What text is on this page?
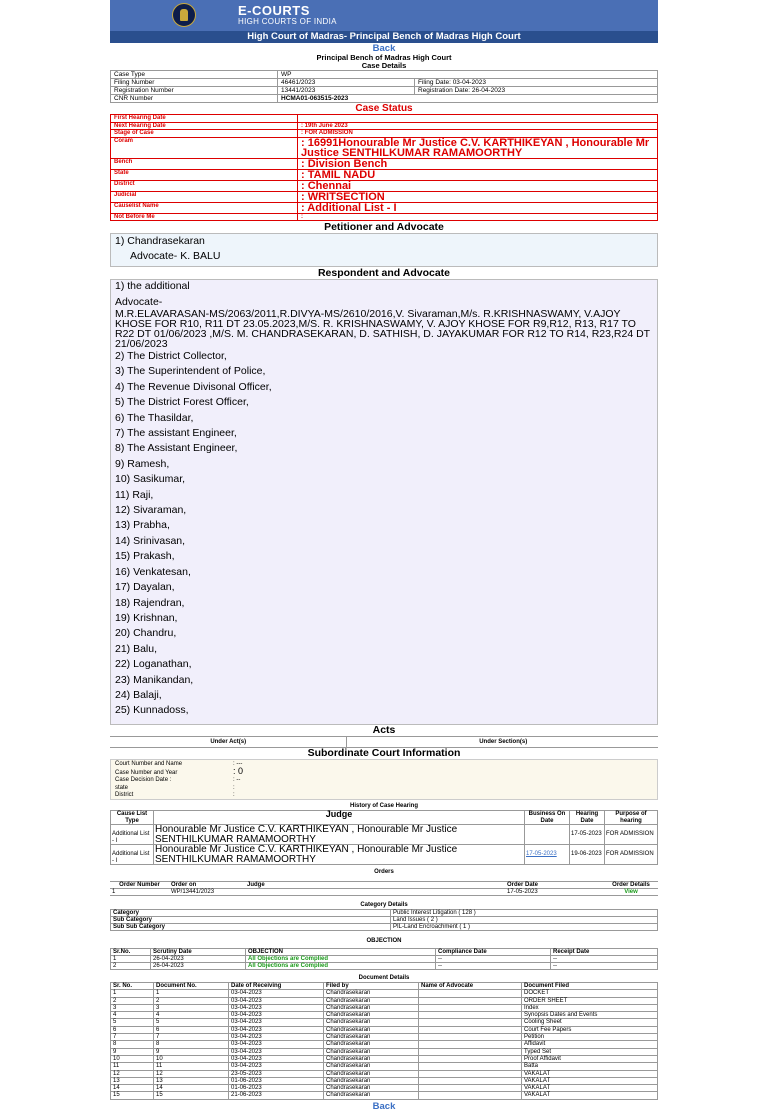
E-COURTS
HIGH COURTS OF INDIA
High Court of Madras- Principal Bench of Madras High Court
Back
Principal Bench of Madras High Court
Case Details
Case Type	WP	
Filing Number	46461/2023	Filing Date: 03-04-2023
Registration Number	13441/2023	Registration Date: 26-04-2023
CNR Number	HCMA01-063515-2023	
Case Status
First Hearing Date	
Next Hearing Date	: 19th June 2023
Stage of Case	: FOR ADMISSION
Coram	: 16991Honourable Mr Justice C.V. KARTHIKEYAN , Honourable Mr Justice SENTHILKUMAR RAMAMOORTHY
Bench	: Division Bench
State	: TAMIL NADU
District	: Chennai
Judicial	: WRITSECTION
Causelist Name	: Additional List - I
Not Before Me	:
Petitioner and Advocate
1) Chandrasekaran
Advocate- K. BALU
Respondent and Advocate
1) the additional
Advocate-
M.R.ELAVARASAN-MS/2063/2011,R.DIVYA-MS/2610/2016,V. Sivaraman,M/s. R.KRISHNASWAMY, V.AJOY KHOSE FOR R10, R11 DT 23.05.2023,M/S. R. KRISHNASWAMY, V. AJOY KHOSE FOR R9,R12, R13, R17 TO R22 DT 01/06/2023 ,M/S. M. CHANDRASEKARAN, D. SATHISH, D. JAYAKUMAR FOR R12 TO R14, R23,R24 DT 21/06/2023
2) The District Collector,
3) The Superintendent of Police,
4) The Revenue Divisonal Officer,
5) The District Forest Officer,
6) The Thasildar,
7) The assistant Engineer,
8) The Assistant Engineer,
9) Ramesh,
10) Sasikumar,
11) Raji,
12) Sivaraman,
13) Prabha,
14) Srinivasan,
15) Prakash,
16) Venkatesan,
17) Dayalan,
18) Rajendran,
19) Krishnan,
20) Chandru,
21) Balu,
22) Loganathan,
23) Manikandan,
24) Balaji,
25) Kunnadoss,
Acts
Under Act(s)		Under Section(s)
Subordinate Court Information
Court Number and Name	: ---
Case Number and Year	: 0
Case Decision Date :	: --
state	:
District	:
History of Case Hearing
Cause List Type	Judge	Business On Date	Hearing Date	Purpose of hearing
Additional List - I	Honourable Mr Justice C.V. KARTHIKEYAN , Honourable Mr Justice SENTHILKUMAR RAMAMOORTHY		17-05-2023	FOR ADMISSION
Additional List - I	Honourable Mr Justice C.V. KARTHIKEYAN , Honourable Mr Justice SENTHILKUMAR RAMAMOORTHY	17-05-2023	19-06-2023	FOR ADMISSION
Orders
Order Number	Order on	Judge	Order Date	Order Details
1	WP/13441/2023		17-05-2023	View
Category Details
Category	Public Interest Litigation ( 128 )
Sub Category	Land Issues ( 2 )
Sub Sub Category	PIL-Land Encroachment ( 1 )
OBJECTION
Sr.No.	Scrutiny Date	OBJECTION	Compliance Date	Receipt Date
1	26-04-2023	All Objections are Complied	--	--
2	26-04-2023	All Objections are Complied	--	--
Document Details
Sr. No.	Document No.	Date of Receiving	Filed by	Name of Advocate	Document Filed
1	1	03-04-2023	Chandrasekaran		DOCKET
2	2	03-04-2023	Chandrasekaran		ORDER SHEET
3	3	03-04-2023	Chandrasekaran		Index
4	4	03-04-2023	Chandrasekaran		Synopsis Dates and Events
5	5	03-04-2023	Chandrasekaran		Cooling Sheet
6	6	03-04-2023	Chandrasekaran		Court Fee Papers
7	7	03-04-2023	Chandrasekaran		Petition
8	8	03-04-2023	Chandrasekaran		Affidavit
9	9	03-04-2023	Chandrasekaran		Typed Set
10	10	03-04-2023	Chandrasekaran		Proof Affidavit
11	11	03-04-2023	Chandrasekaran		Batta
12	12	23-05-2023	Chandrasekaran		VAKALAT
13	13	01-06-2023	Chandrasekaran		VAKALAT
14	14	01-06-2023	Chandrasekaran		VAKALAT
15	15	21-06-2023	Chandrasekaran		VAKALAT
Back
